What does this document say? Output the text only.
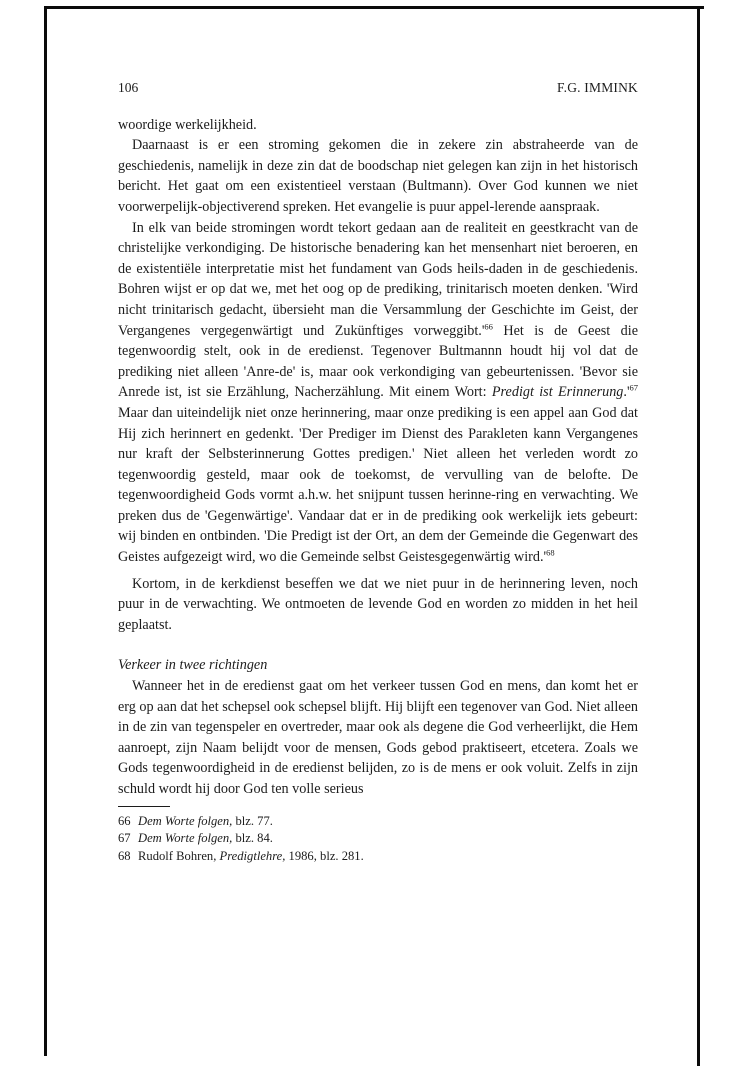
106	F.G. IMMINK

woordige werkelijkheid.

Daarnaast is er een stroming gekomen die in zekere zin abstraheerde van de geschiedenis, namelijk in deze zin dat de boodschap niet gelegen kan zijn in het historisch bericht. Het gaat om een existentieel verstaan (Bultmann). Over God kunnen we niet voorwerpelijk-objectiverend spreken. Het evangelie is puur appel-lerende aanspraak.

In elk van beide stromingen wordt tekort gedaan aan de realiteit en geestkracht van de christelijke verkondiging. De historische benadering kan het mensenhart niet beroeren, en de existentiële interpretatie mist het fundament van Gods heils-daden in de geschiedenis. Bohren wijst er op dat we, met het oog op de prediking, trinitarisch moeten denken. 'Wird nicht trinitarisch gedacht, übersieht man die Versammlung der Geschichte im Geist, der Vergangenes vergegenwärtigt und Zukünftiges $vorweggibt.'^{66}$ Het is de Geest die tegenwoordig stelt, ook in de eredienst. Tegenover Bultmannn houdt hij vol dat de prediking niet alleen 'Anre-de' is, maar ook verkondiging van gebeurtenissen. 'Bevor sie Anrede ist, ist sie Erzählung, Nacherzählung. Mit einem Wort: Predigt ist $Erinnerung.'^{67}$ Maar dan uiteindelijk niet onze herinnering, maar onze prediking is een appel aan God dat Hij zich herinnert en gedenkt. 'Der Prediger im Dienst des Parakleten kann Vergangenes nur kraft der Selbsterinnerung Gottes predigen.' Niet alleen het verleden wordt zo tegenwoordig gesteld, maar ook de toekomst, de vervulling van de belofte. De tegenwoordigheid Gods vormt a.h.w. het snijpunt tussen herinne-ring en verwachting. We preken dus de 'Gegenwärtige'. Vandaar dat er in de prediking ook werkelijk iets gebeurt: wij binden en ontbinden. 'Die Predigt ist der Ort, an dem der Gemeinde die Gegenwart des Geistes aufgezeigt wird, wo die Gemeinde selbst Geistesgegenwärtig $wird.'^{68}$

Kortom, in de kerkdienst beseffen we dat we niet puur in de herinnering leven, noch puur in de verwachting. We ontmoeten de levende God en worden zo midden in het heil geplaatst.

Verkeer in twee richtingen

Wanneer het in de eredienst gaat om het verkeer tussen God en mens, dan komt het er erg op aan dat het schepsel ook schepsel blijft. Hij blijft een tegenover van God. Niet alleen in de zin van tegenspeler en overtreder, maar ook als degene die God verheerlijkt, die Hem aanroept, zijn Naam belijdt voor de mensen, Gods gebod praktiseert, etcetera. Zoals we Gods tegenwoordigheid in de eredienst belijden, zo is de mens er ook voluit. Zelfs in zijn schuld wordt hij door God ten volle serieus

66 Dem Worte folgen, blz. 77.
67 Dem Worte folgen, blz. 84.
68 Rudolf Bohren, Predigtlehre, 1986, blz. 281.
